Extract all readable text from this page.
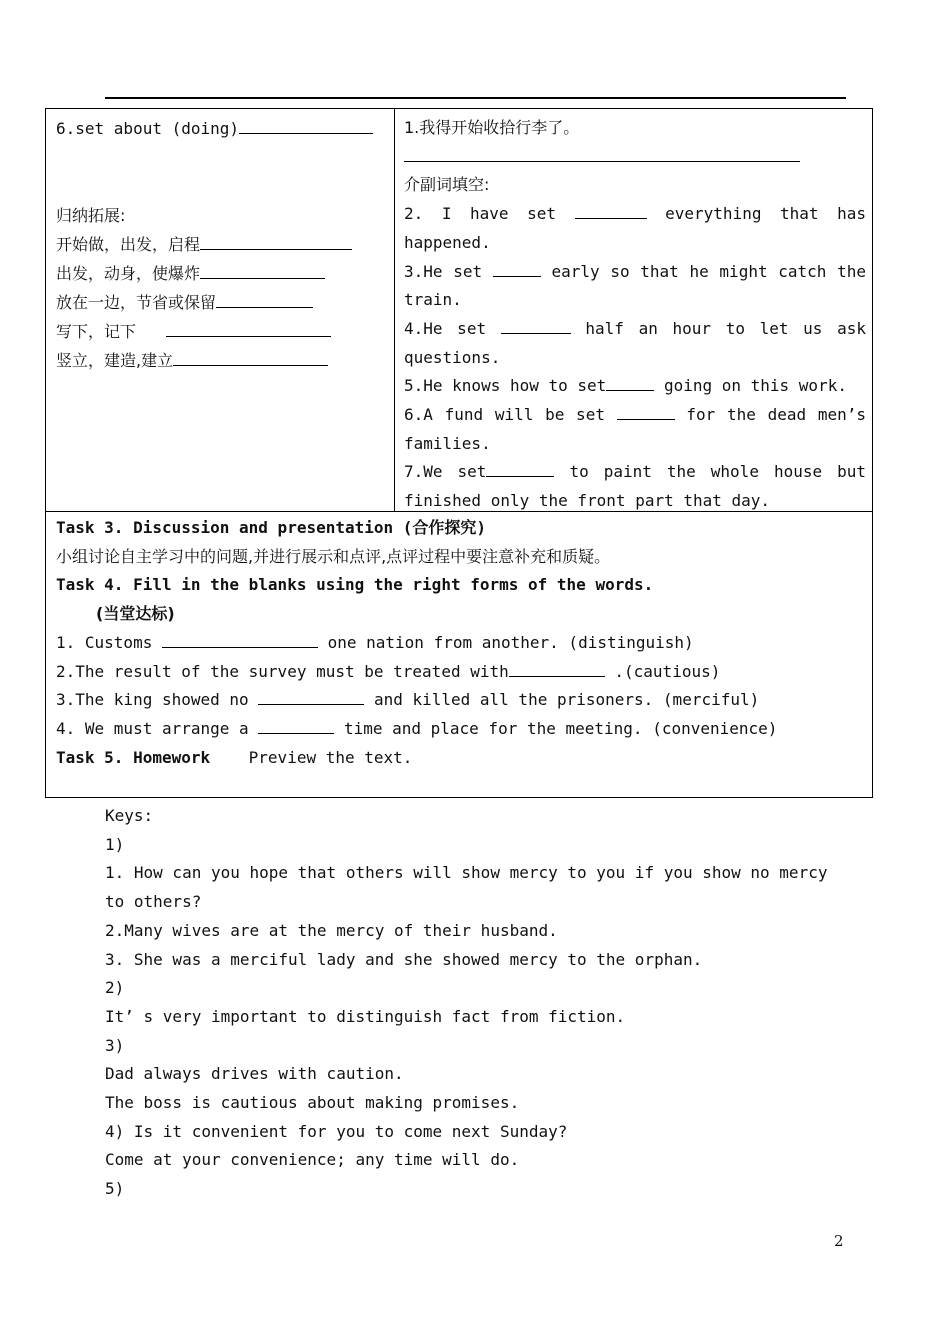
6.set about (doing)

归纳拓展:
开始做，出发，启程
出发，动身，使爆炸
放在一边，节省或保留
写下，记下
竖立，建造,建立
1.我得开始收拾行李了。
介副词填空:
2. I have set	everything that has
happened.
3.He set	early so that he might catch the
train.
4.He set	half an hour to let us ask
questions.
5.He knows how to set	going on this work.
6.A fund will be set	for the dead men’s
families.
7.We set	to paint the whole house but
finished only the front part that day.
Task 3. Discussion and presentation (合作探究)
小组讨论自主学习中的问题,并进行展示和点评,点评过程中要注意补充和质疑。
Task 4. Fill in the blanks using the right forms of the words.
(当堂达标)
1. Customs	one nation from another. (distinguish)
2.The result of the survey must be treated with	.(cautious)
3.The king showed no	and killed all the prisoners. (merciful)
4. We must arrange a	time and place for the meeting. (convenience)
Task 5. Homework Preview the text.
Keys:
1)
1. How can you hope that others will show mercy to you if you show no mercy
to others?
2.Many wives are at the mercy of their husband.
3. She was a merciful lady and she showed mercy to the orphan.
2)
It’ s very important to distinguish fact from fiction.
3)
Dad always drives with caution.
The boss is cautious about making promises.
4) Is it convenient for you to come next Sunday?
Come at your convenience; any time will do.
5)
2
